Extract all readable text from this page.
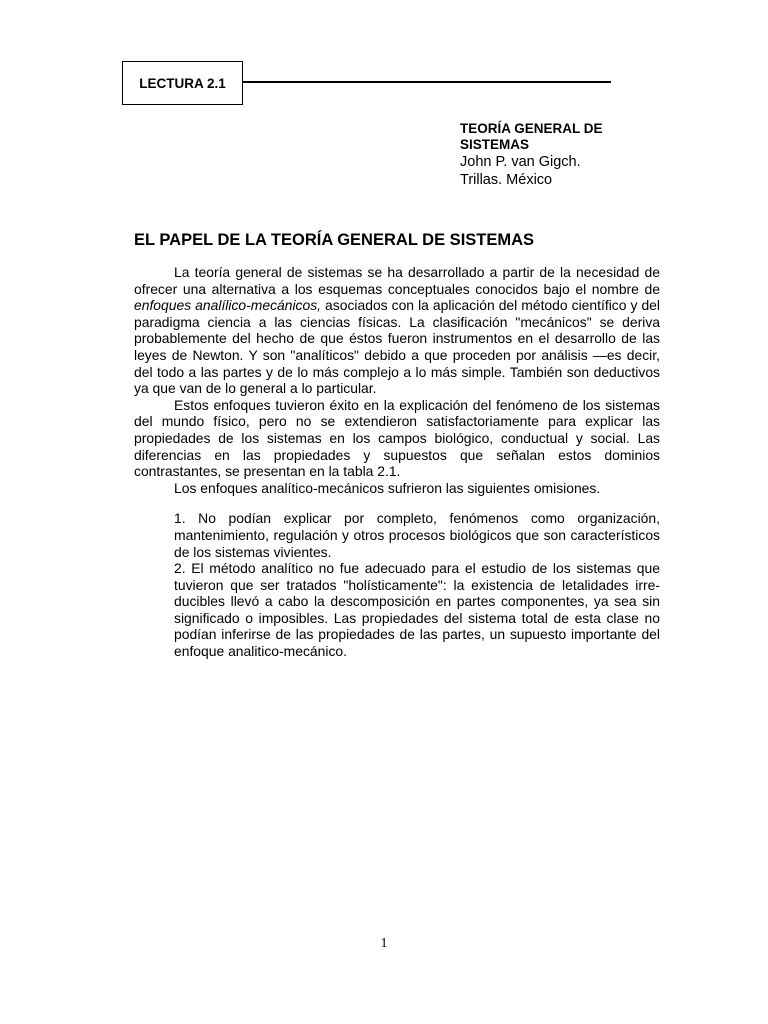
LECTURA 2.1

TEORÍA GENERAL DE SISTEMAS

John P. van Gigch.

Trillas. México

EL PAPEL DE LA TEORÍA GENERAL DE SISTEMAS

La teoría general de sistemas se ha desarrollado a partir de la necesidad de ofrecer una alternativa a los esquemas conceptuales conocidos bajo el nombre de enfoques analílico-mecánicos, asociados con la aplicación del método científico y del paradigma ciencia a las ciencias físicas. La clasificación "mecánicos" se deriva probablemente del hecho de que éstos fueron instrumentos en el desarrollo de las leyes de Newton. Y son "analíticos" debido a que proceden por análisis —es decir, del todo a las partes y de lo más complejo a lo más simple. También son deductivos ya que van de lo general a lo particular.

Estos enfoques tuvieron éxito en la explicación del fenómeno de los sistemas del mundo físico, pero no se extendieron satisfactoriamente para explicar las propiedades de los sistemas en los campos biológico, conductual y social. Las diferencias en las propiedades y supuestos que señalan estos dominios contrastantes, se presentan en la tabla 2.1.

Los enfoques analítico-mecánicos sufrieron las siguientes omisiones.

1. No podían explicar por completo, fenómenos como organización, mantenimiento, regulación y otros procesos biológicos que son característicos de los sistemas vivientes.
2. El método analítico no fue adecuado para el estudio de los sistemas que tuvieron que ser tratados "holísticamente": la existencia de letalidades irre-ducibles llevó a cabo la descomposición en partes componentes, ya sea sin significado o imposibles. Las propiedades del sistema total de esta clase no podían inferirse de las propiedades de las partes, un supuesto importante del enfoque analitico-mecánico.
1
